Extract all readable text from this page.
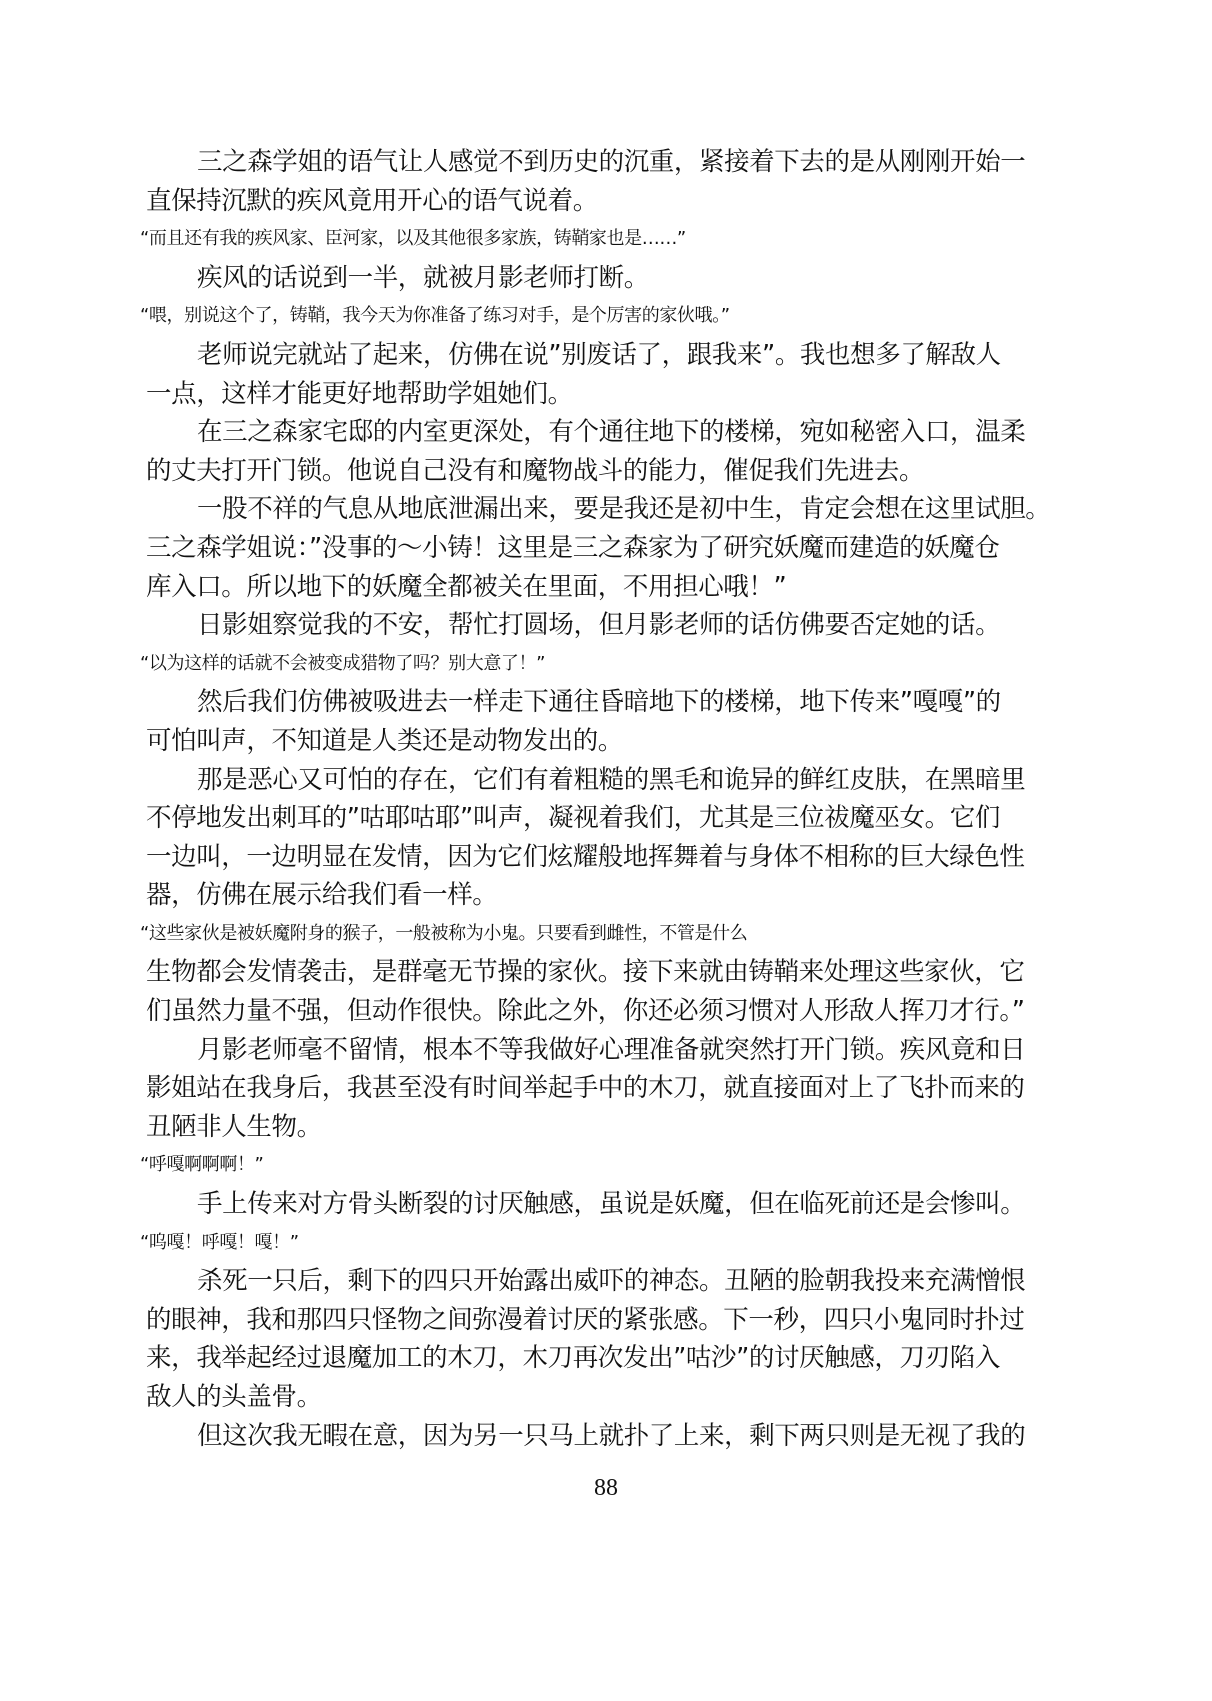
三之森学姐的语气让人感觉不到历史的沉重，紧接着下去的是从刚刚开始一
直保持沉默的疾风竟用开心的语气说着。
“而且还有我的疾风家、臣河家，以及其他很多家族，铸鞘家也是……”
疾风的话说到一半，就被月影老师打断。
“喂，别说这个了，铸鞘，我今天为你准备了练习对手，是个厉害的家伙哦。”
老师说完就站了起来，仿佛在说”别废话了，跟我来”。我也想多了解敌人
一点，这样才能更好地帮助学姐她们。
在三之森家宅邸的内室更深处，有个通往地下的楼梯，宛如秘密入口，温柔
的丈夫打开门锁。他说自己没有和魔物战斗的能力，催促我们先进去。
一股不祥的气息从地底泄漏出来，要是我还是初中生，肯定会想在这里试胆。
三之森学姐说：”没事的～小铸！这里是三之森家为了研究妖魔而建造的妖魔仓
库入口。所以地下的妖魔全都被关在里面，不用担心哦！”
日影姐察觉我的不安，帮忙打圆场，但月影老师的话仿佛要否定她的话。
“以为这样的话就不会被变成猎物了吗？别大意了！”
然后我们仿佛被吸进去一样走下通往昏暗地下的楼梯，地下传来”嘎嘎”的
可怕叫声，不知道是人类还是动物发出的。
那是恶心又可怕的存在，它们有着粗糙的黑毛和诡异的鲜红皮肤，在黑暗里
不停地发出刺耳的”咕耶咕耶”叫声，凝视着我们，尤其是三位祓魔巫女。它们
一边叫，一边明显在发情，因为它们炫耀般地挥舞着与身体不相称的巨大绿色性
器，仿佛在展示给我们看一样。
“这些家伙是被妖魔附身的猴子，一般被称为小鬼。只要看到雌性，不管是什么
生物都会发情袭击，是群毫无节操的家伙。接下来就由铸鞘来处理这些家伙，它
们虽然力量不强，但动作很快。除此之外，你还必须习惯对人形敌人挥刀才行。”
月影老师毫不留情，根本不等我做好心理准备就突然打开门锁。疾风竟和日
影姐站在我身后，我甚至没有时间举起手中的木刀，就直接面对上了飞扑而来的
丑陋非人生物。
“呼嘎啊啊啊！”
手上传来对方骨头断裂的讨厌触感，虽说是妖魔，但在临死前还是会惨叫。
“呜嘎！呼嘎！嘎！”
杀死一只后，剩下的四只开始露出威吓的神态。丑陋的脸朝我投来充满憎恨
的眼神，我和那四只怪物之间弥漫着讨厌的紧张感。下一秒，四只小鬼同时扑过
来，我举起经过退魔加工的木刀，木刀再次发出”咕沙”的讨厌触感，刀刃陷入
敌人的头盖骨。
但这次我无暇在意，因为另一只马上就扑了上来，剩下两只则是无视了我的
88
